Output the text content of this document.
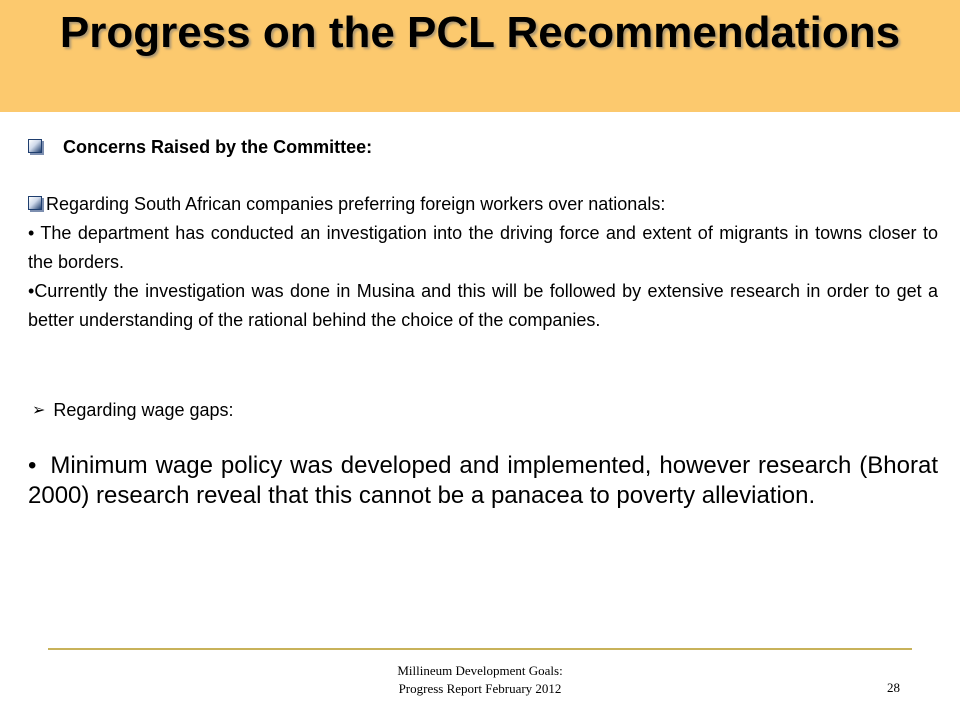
Progress on the PCL Recommendations
Concerns Raised by the Committee:
Regarding South African companies preferring foreign workers over nationals:
• The department has conducted an investigation into the driving force and extent of migrants in towns closer to the borders.
•Currently the investigation was done in Musina and this will be followed by extensive research in order to get a better understanding of the rational behind the choice of the companies.
➢ Regarding wage gaps:
• Minimum wage policy was developed and implemented, however research (Bhorat 2000) research reveal that this cannot be a panacea to poverty alleviation.
Millineum Development Goals:
Progress Report February 2012	28
